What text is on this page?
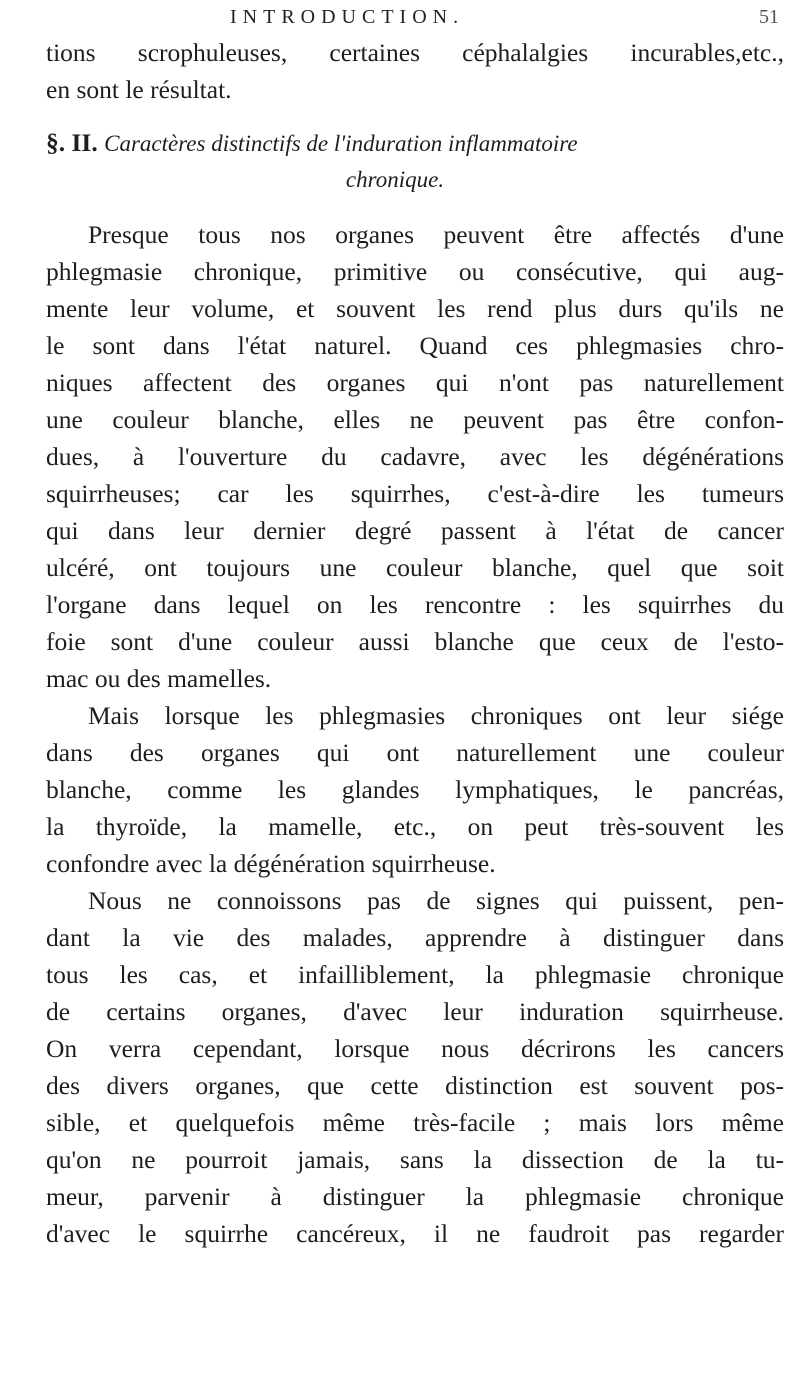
INTRODUCTION.	51
tions scrophuleuses, certaines céphalalgies incurables,etc.,
en sont le résultat.
§. II. Caractères distinctifs de l'induration inflammatoire
chronique.
Presque tous nos organes peuvent être affectés d'une
phlegmasie chronique, primitive ou consécutive, qui aug-
mente leur volume, et souvent les rend plus durs qu'ils ne
le sont dans l'état naturel. Quand ces phlegmasies chro-
niques affectent des organes qui n'ont pas naturellement
une couleur blanche, elles ne peuvent pas être confon-
dues, à l'ouverture du cadavre, avec les dégénérations
squirrheuses; car les squirrhes, c'est-à-dire les tumeurs
qui dans leur dernier degré passent à l'état de cancer
ulcéré, ont toujours une couleur blanche, quel que soit
l'organe dans lequel on les rencontre : les squirrhes du
foie sont d'une couleur aussi blanche que ceux de l'esto-
mac ou des mamelles.
Mais lorsque les phlegmasies chroniques ont leur siége
dans des organes qui ont naturellement une couleur
blanche, comme les glandes lymphatiques, le pancréas,
la thyroïde, la mamelle, etc., on peut très-souvent les
confondre avec la dégénération squirrheuse.
Nous ne connoissons pas de signes qui puissent, pen-
dant la vie des malades, apprendre à distinguer dans
tous les cas, et infailliblement, la phlegmasie chronique
de certains organes, d'avec leur induration squirrheuse.
On verra cependant, lorsque nous décrirons les cancers
des divers organes, que cette distinction est souvent pos-
sible, et quelquefois même très-facile ; mais lors même
qu'on ne pourroit jamais, sans la dissection de la tu-
meur, parvenir à distinguer la phlegmasie chronique
d'avec le squirrhe cancéreux, il ne faudroit pas regarder
